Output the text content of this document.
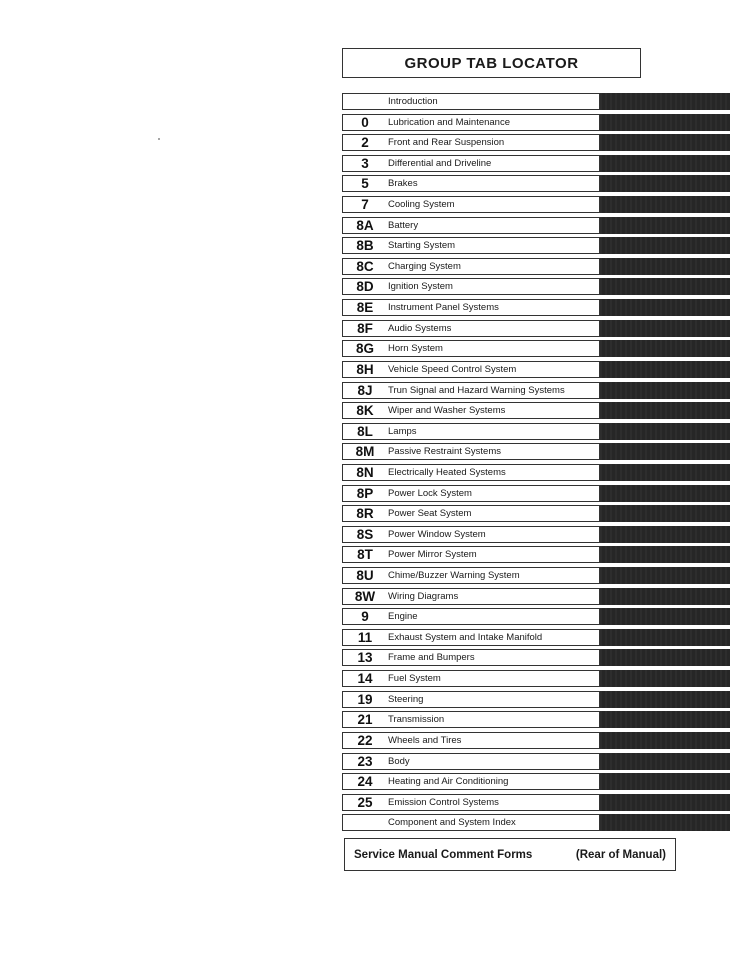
GROUP TAB LOCATOR
Introduction
0	Lubrication and Maintenance
2	Front and Rear Suspension
3	Differential and Driveline
5	Brakes
7	Cooling System
8A	Battery
8B	Starting System
8C	Charging System
8D	Ignition System
8E	Instrument Panel Systems
8F	Audio Systems
8G	Horn System
8H	Vehicle Speed Control System
8J	Trun Signal and Hazard Warning Systems
8K	Wiper and Washer Systems
8L	Lamps
8M	Passive Restraint Systems
8N	Electrically Heated Systems
8P	Power Lock System
8R	Power Seat System
8S	Power Window System
8T	Power Mirror System
8U	Chime/Buzzer Warning System
8W	Wiring Diagrams
9	Engine
11	Exhaust System and Intake Manifold
13	Frame and Bumpers
14	Fuel System
19	Steering
21	Transmission
22	Wheels and Tires
23	Body
24	Heating and Air Conditioning
25	Emission Control Systems
Component and System Index
Service Manual Comment Forms	(Rear of Manual)
